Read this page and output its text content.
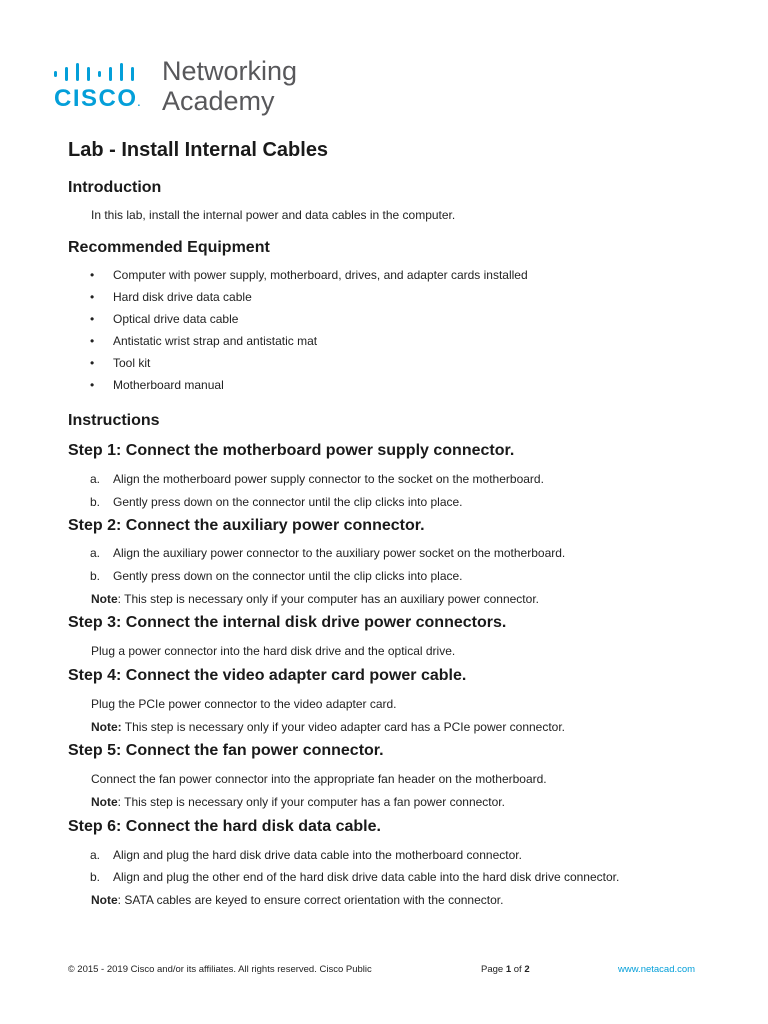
CISCO.
Networking
Academy
Lab - Install Internal Cables
Introduction

In this lab, install the internal power and data cables in the computer.

Recommended Equipment
• Computer with power supply, motherboard, drives, and adapter cards installed
• Hard disk drive data cable
• Optical drive data cable
• Antistatic wrist strap and antistatic mat
• Tool kit
• Motherboard manual
Instructions
Step 1: Connect the motherboard power supply connector.

a. Align the motherboard power supply connector to the socket on the motherboard.

b. Gently press down on the connector until the clip clicks into place.

Step 2: Connect the auxiliary power connector.

a. Align the auxiliary power connector to the auxiliary power socket on the motherboard.

b. Gently press down on the connector until the clip clicks into place.

Note: This step is necessary only if your computer has an auxiliary power connector.

Step 3: Connect the internal disk drive power connectors.

Plug a power connector into the hard disk drive and the optical drive.

Step 4: Connect the video adapter card power cable.

Plug the PCIe power connector to the video adapter card.

Note: This step is necessary only if your video adapter card has a PCIe power connector.

Step 5: Connect the fan power connector.

Connect the fan power connector into the appropriate fan header on the motherboard.

Note: This step is necessary only if your computer has a fan power connector.

Step 6: Connect the hard disk data cable.

a. Align and plug the hard disk drive data cable into the motherboard connector.

b. Align and plug the other end of the hard disk drive data cable into the hard disk drive connector.

Note: SATA cables are keyed to ensure correct orientation with the connector.

© 2015 - 2019 Cisco and/or its affiliates. All rights reserved. Cisco Public	Page 1 of 2	www.netacad.com
